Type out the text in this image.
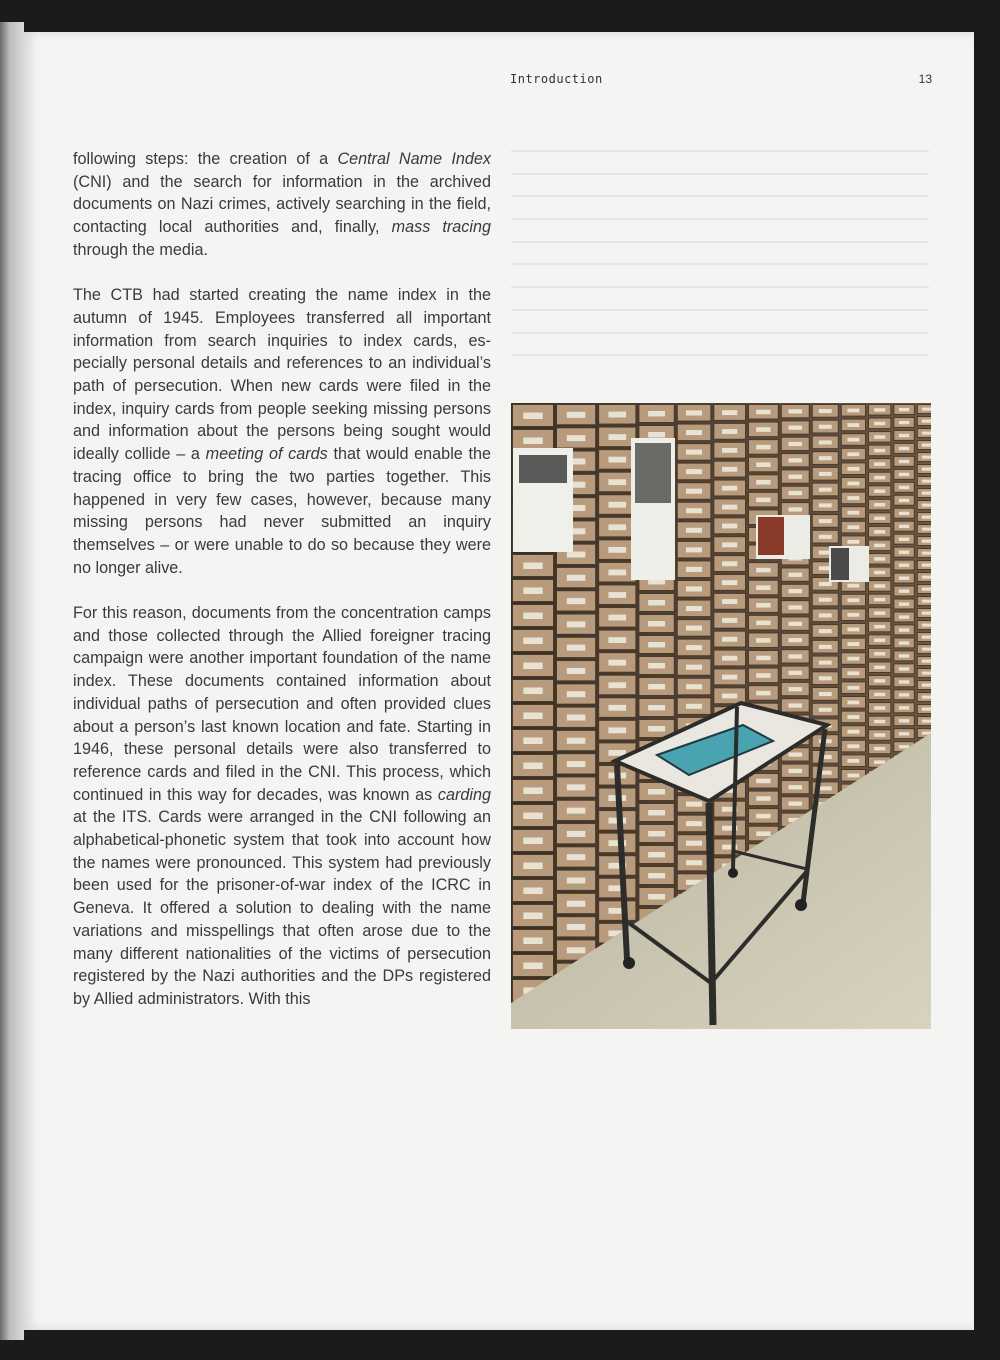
Introduction	13

following steps: the creation of a Central Name Index (CNI) and the search for information in the archived documents on Nazi crimes, actively searching in the field, contacting local authorities and, finally, mass tracing through the media.

The CTB had started creating the name index in the autumn of 1945. Employees transferred all important information from search inquiries to index cards, especially personal details and references to an individual’s path of persecution. When new cards were filed in the index, inquiry cards from people seeking missing persons and information about the persons being sought would ideally collide – a meeting of cards that would enable the tracing office to bring the two parties together. This happened in very few cases, however, because many missing persons had never submitted an inquiry themselves – or were unable to do so because they were no longer alive.

For this reason, documents from the concentration camps and those collected through the Allied foreigner tracing campaign were another important foundation of the name index. These documents contained information about individual paths of persecution and often provided clues about a person’s last known location and fate. Starting in 1946, these personal details were also transferred to reference cards and filed in the CNI. This process, which continued in this way for decades, was known as carding at the ITS. Cards were arranged in the CNI following an alphabetical-phonetic system that took into account how the names were pronounced. This system had previously been used for the prisoner-of-war index of the ICRC in Geneva. It offered a solution to dealing with the name variations and misspellings that often arose due to the many different nationalities of the victims of persecution registered by the Nazi authorities and the DPs registered by Allied administrators. With this
